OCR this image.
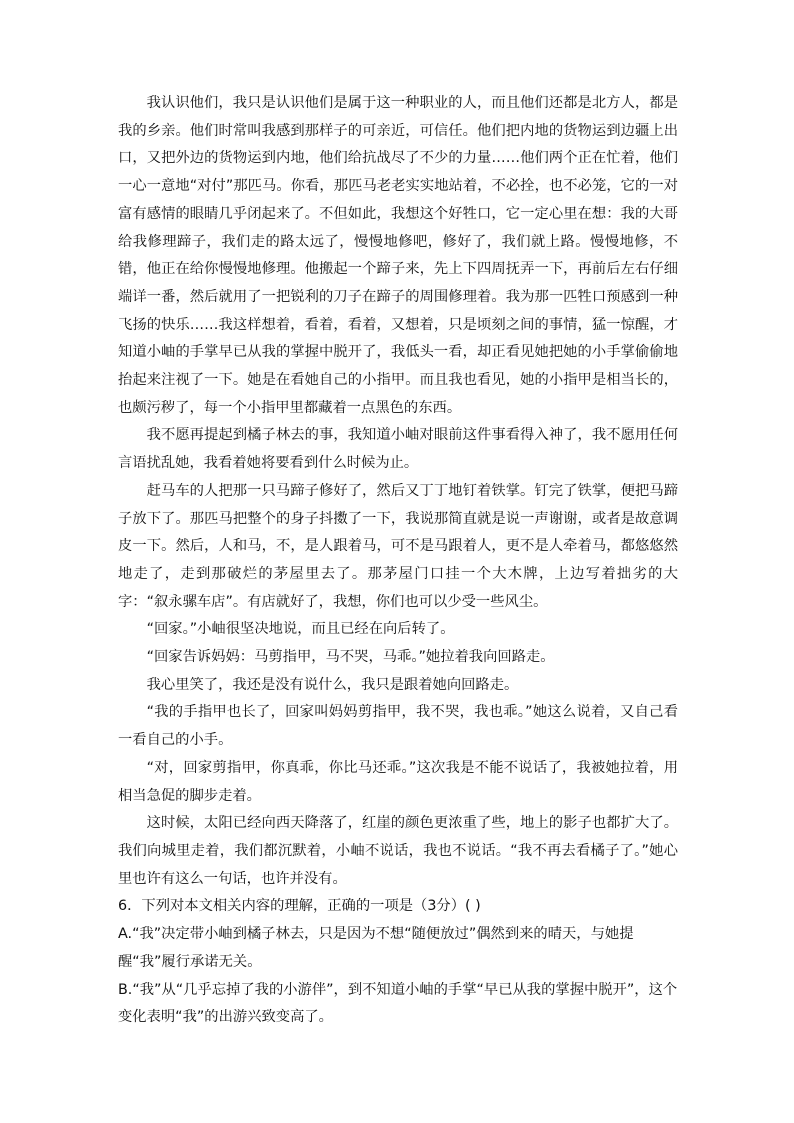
我认识他们，我只是认识他们是属于这一种职业的人，而且他们还都是北方人，都是我的乡亲。他们时常叫我感到那样子的可亲近，可信任。他们把内地的货物运到边疆上出口，又把外边的货物运到内地，他们给抗战尽了不少的力量……他们两个正在忙着，他们一心一意地“对付”那匹马。你看，那匹马老老实实地站着，不必拴，也不必笼，它的一对富有感情的眼睛几乎闭起来了。不但如此，我想这个好牲口，它一定心里在想：我的大哥给我修理蹄子，我们走的路太远了，慢慢地修吧，修好了，我们就上路。慢慢地修，不错，他正在给你慢慢地修理。他搬起一个蹄子来，先上下四周抚弄一下，再前后左右仔细端详一番，然后就用了一把锐利的刀子在蹄子的周围修理着。我为那一匹牲口预感到一种飞扬的快乐……我这样想着，看着，看着，又想着，只是顷刻之间的事情，猛一惊醒，才知道小岫的手掌早已从我的掌握中脱开了，我低头一看，却正看见她把她的小手掌偷偷地抬起来注视了一下。她是在看她自己的小指甲。而且我也看见，她的小指甲是相当长的，也颇污秽了，每一个小指甲里都藏着一点黑色的东西。

我不愿再提起到橘子林去的事，我知道小岫对眼前这件事看得入神了，我不愿用任何言语扰乱她，我看着她将要看到什么时候为止。

赶马车的人把那一只马蹄子修好了，然后又丁丁地钉着铁掌。钉完了铁掌，便把马蹄子放下了。那匹马把整个的身子抖擞了一下，我说那简直就是说一声谢谢，或者是故意调皮一下。然后，人和马，不，是人跟着马，可不是马跟着人，更不是人牵着马，都悠悠然地走了，走到那破烂的茅屋里去了。那茅屋门口挂一个大木牌，上边写着拙劣的大字：“叙永骡车店”。有店就好了，我想，你们也可以少受一些风尘。

“回家。”小岫很坚决地说，而且已经在向后转了。

“回家告诉妈妈：马剪指甲，马不哭，马乖。”她拉着我向回路走。

我心里笑了，我还是没有说什么，我只是跟着她向回路走。

“我的手指甲也长了，回家叫妈妈剪指甲，我不哭，我也乖。”她这么说着，又自己看一看自己的小手。

“对，回家剪指甲，你真乖，你比马还乖。”这次我是不能不说话了，我被她拉着，用相当急促的脚步走着。

这时候，太阳已经向西天降落了，红崖的颜色更浓重了些，地上的影子也都扩大了。我们向城里走着，我们都沉默着，小岫不说话，我也不说话。“我不再去看橘子了。”她心里也许有这么一句话，也许并没有。

6．下列对本文相关内容的理解，正确的一项是（3分）( )

A.“我”决定带小岫到橘子林去，只是因为不想“随便放过”偶然到来的晴天，与她提醒“我”履行承诺无关。

B.“我”从“几乎忘掉了我的小游伴”，到不知道小岫的手掌“早已从我的掌握中脱开”，这个变化表明“我”的出游兴致变高了。
